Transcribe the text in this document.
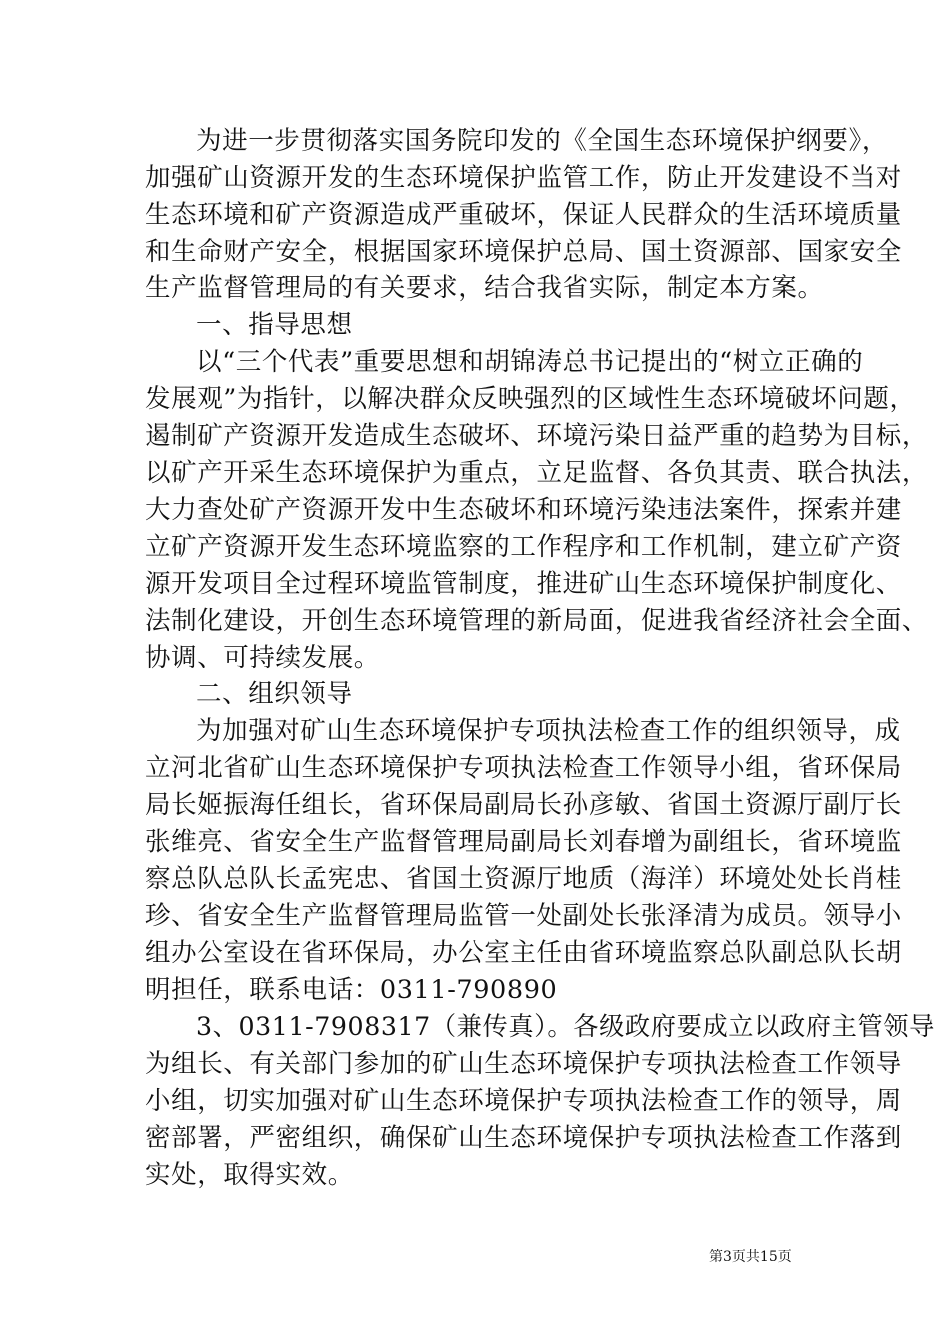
为进一步贯彻落实国务院印发的《全国生态环境保护纲要》，
加强矿山资源开发的生态环境保护监管工作，防止开发建设不当对
生态环境和矿产资源造成严重破坏，保证人民群众的生活环境质量
和生命财产安全，根据国家环境保护总局、国土资源部、国家安全
生产监督管理局的有关要求，结合我省实际，制定本方案。
一、指导思想
以“三个代表”重要思想和胡锦涛总书记提出的“树立正确的
发展观”为指针，以解决群众反映强烈的区域性生态环境破坏问题，
遏制矿产资源开发造成生态破坏、环境污染日益严重的趋势为目标，
以矿产开采生态环境保护为重点，立足监督、各负其责、联合执法，
大力查处矿产资源开发中生态破坏和环境污染违法案件，探索并建
立矿产资源开发生态环境监察的工作程序和工作机制，建立矿产资
源开发项目全过程环境监管制度，推进矿山生态环境保护制度化、
法制化建设，开创生态环境管理的新局面，促进我省经济社会全面、
协调、可持续发展。
二、组织领导
为加强对矿山生态环境保护专项执法检查工作的组织领导，成
立河北省矿山生态环境保护专项执法检查工作领导小组，省环保局
局长姬振海任组长，省环保局副局长孙彦敏、省国土资源厅副厅长
张维亮、省安全生产监督管理局副局长刘春增为副组长，省环境监
察总队总队长孟宪忠、省国土资源厅地质（海洋）环境处处长肖桂
珍、省安全生产监督管理局监管一处副处长张泽清为成员。领导小
组办公室设在省环保局，办公室主任由省环境监察总队副总队长胡
明担任，联系电话：0311-790890
3、0311-7908317（兼传真）。各级政府要成立以政府主管领导
为组长、有关部门参加的矿山生态环境保护专项执法检查工作领导
小组，切实加强对矿山生态环境保护专项执法检查工作的领导，周
密部署，严密组织，确保矿山生态环境保护专项执法检查工作落到
实处，取得实效。
第3页共15页
